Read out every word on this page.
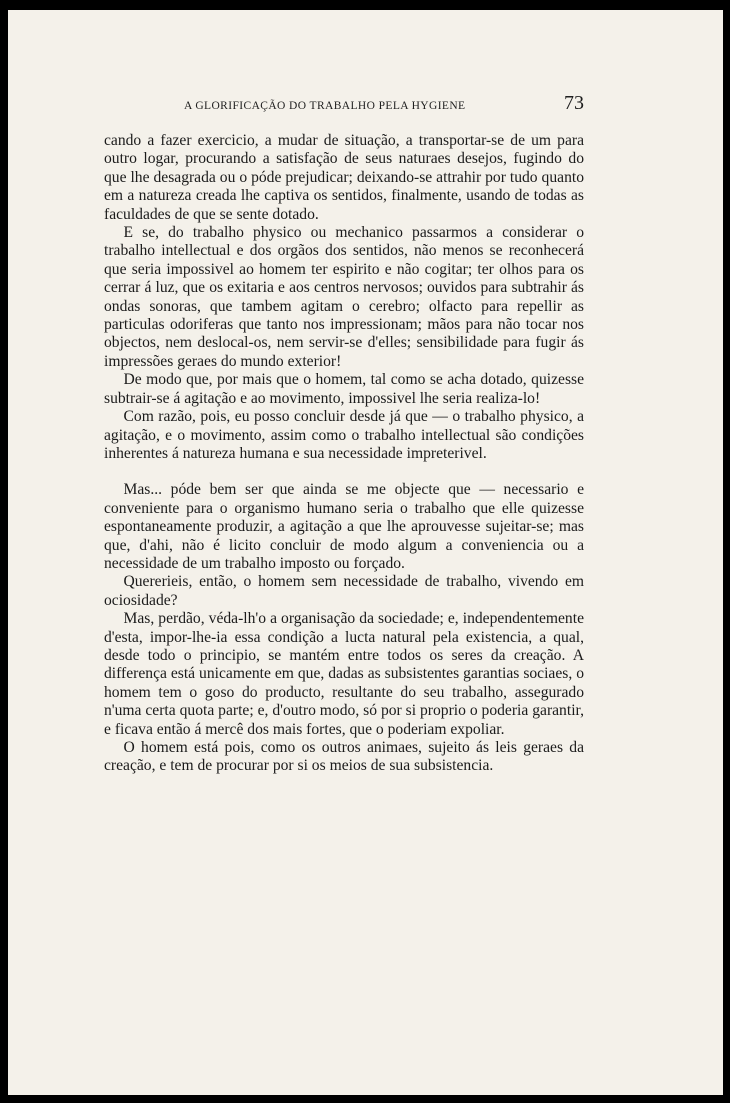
A GLORIFICAÇÃO DO TRABALHO PELA HYGIENE	73

cando a fazer exercicio, a mudar de situação, a transportar-se de um para outro logar, procurando a satisfação de seus naturaes desejos, fugindo do que lhe desagrada ou o póde prejudicar; deixando-se attrahir por tudo quanto em a natureza creada lhe captiva os sentidos, finalmente, usando de todas as faculdades de que se sente dotado.

E se, do trabalho physico ou mechanico passarmos a considerar o trabalho intellectual e dos orgãos dos sentidos, não menos se reconhecerá que seria impossivel ao homem ter espirito e não cogitar; ter olhos para os cerrar á luz, que os exitaria e aos centros nervosos; ouvidos para subtrahir ás ondas sonoras, que tambem agitam o cerebro; olfacto para repellir as particulas odoriferas que tanto nos impressionam; mãos para não tocar nos objectos, nem deslocal-os, nem servir-se d'elles; sensibilidade para fugir ás impressões geraes do mundo exterior!

De modo que, por mais que o homem, tal como se acha dotado, quizesse subtrair-se á agitação e ao movimento, impossivel lhe seria realiza-lo!

Com razão, pois, eu posso concluir desde já que — o trabalho physico, a agitação, e o movimento, assim como o trabalho intellectual são condições inherentes á natureza humana e sua necessidade impreterivel.

Mas... póde bem ser que ainda se me objecte que — necessario e conveniente para o organismo humano seria o trabalho que elle quizesse espontaneamente produzir, a agitação a que lhe aprouvesse sujeitar-se; mas que, d'ahi, não é licito concluir de modo algum a conveniencia ou a necessidade de um trabalho imposto ou forçado.

Quererieis, então, o homem sem necessidade de trabalho, vivendo em ociosidade?

Mas, perdão, véda-lh'o a organisação da sociedade; e, independentemente d'esta, impor-lhe-ia essa condição a lucta natural pela existencia, a qual, desde todo o principio, se mantém entre todos os seres da creação. A differença está unicamente em que, dadas as subsistentes garantias sociaes, o homem tem o goso do producto, resultante do seu trabalho, assegurado n'uma certa quota parte; e, d'outro modo, só por si proprio o poderia garantir, e ficava então á mercê dos mais fortes, que o poderiam expoliar.

O homem está pois, como os outros animaes, sujeito ás leis geraes da creação, e tem de procurar por si os meios de sua subsistencia.
